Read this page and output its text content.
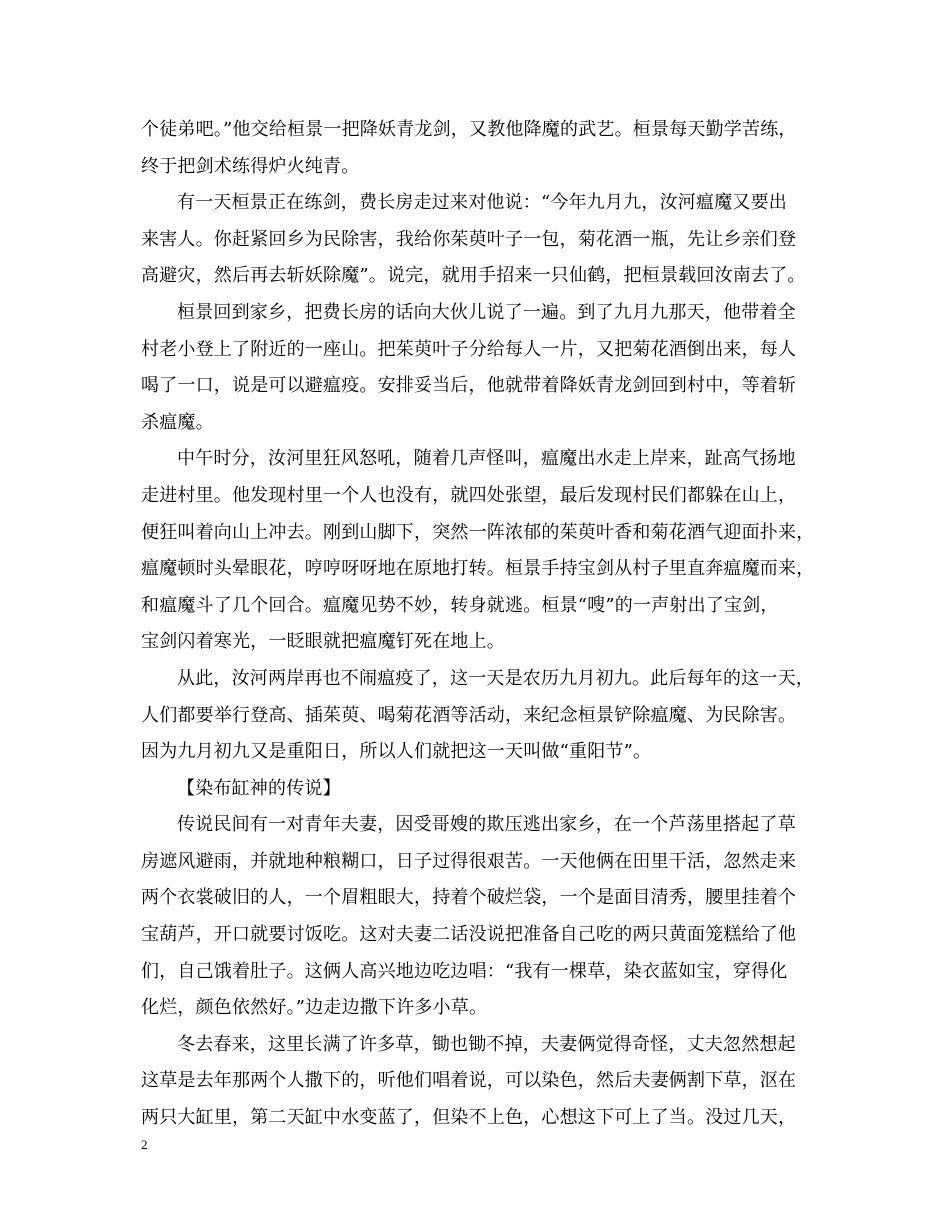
个徒弟吧。”他交给桓景一把降妖青龙剑，又教他降魔的武艺。桓景每天勤学苦练，
终于把剑术练得炉火纯青。
有一天桓景正在练剑，费长房走过来对他说：“今年九月九，汝河瘟魔又要出
来害人。你赶紧回乡为民除害，我给你茱萸叶子一包，菊花酒一瓶，先让乡亲们登
高避灾，然后再去斩妖除魔”。说完，就用手招来一只仙鹤，把桓景载回汝南去了。
桓景回到家乡，把费长房的话向大伙儿说了一遍。到了九月九那天，他带着全
村老小登上了附近的一座山。把茱萸叶子分给每人一片，又把菊花酒倒出来，每人
喝了一口，说是可以避瘟疫。安排妥当后，他就带着降妖青龙剑回到村中，等着斩
杀瘟魔。
中午时分，汝河里狂风怒吼，随着几声怪叫，瘟魔出水走上岸来，趾高气扬地
走进村里。他发现村里一个人也没有，就四处张望，最后发现村民们都躲在山上，
便狂叫着向山上冲去。刚到山脚下，突然一阵浓郁的茱萸叶香和菊花酒气迎面扑来，
瘟魔顿时头晕眼花，哼哼呀呀地在原地打转。桓景手持宝剑从村子里直奔瘟魔而来，
和瘟魔斗了几个回合。瘟魔见势不妙，转身就逃。桓景“嗖”的一声射出了宝剑，
宝剑闪着寒光，一眨眼就把瘟魔钉死在地上。
从此，汝河两岸再也不闹瘟疫了，这一天是农历九月初九。此后每年的这一天，
人们都要举行登高、插茱萸、喝菊花酒等活动，来纪念桓景铲除瘟魔、为民除害。
因为九月初九又是重阳日，所以人们就把这一天叫做“重阳节”。
【染布缸神的传说】
传说民间有一对青年夫妻，因受哥嫂的欺压逃出家乡，在一个芦荡里搭起了草
房遮风避雨，并就地种粮糊口，日子过得很艰苦。一天他俩在田里干活，忽然走来
两个衣裳破旧的人，一个眉粗眼大，持着个破烂袋，一个是面目清秀，腰里挂着个
宝葫芦，开口就要讨饭吃。这对夫妻二话没说把准备自己吃的两只黄面笼糕给了他
们，自己饿着肚子。这俩人高兴地边吃边唱：“我有一棵草，染衣蓝如宝，穿得化
化烂，颜色依然好。”边走边撒下许多小草。
冬去春来，这里长满了许多草，锄也锄不掉，夫妻俩觉得奇怪，丈夫忽然想起
这草是去年那两个人撒下的，听他们唱着说，可以染色，然后夫妻俩割下草，沤在
两只大缸里，第二天缸中水变蓝了，但染不上色，心想这下可上了当。没过几天，
2
